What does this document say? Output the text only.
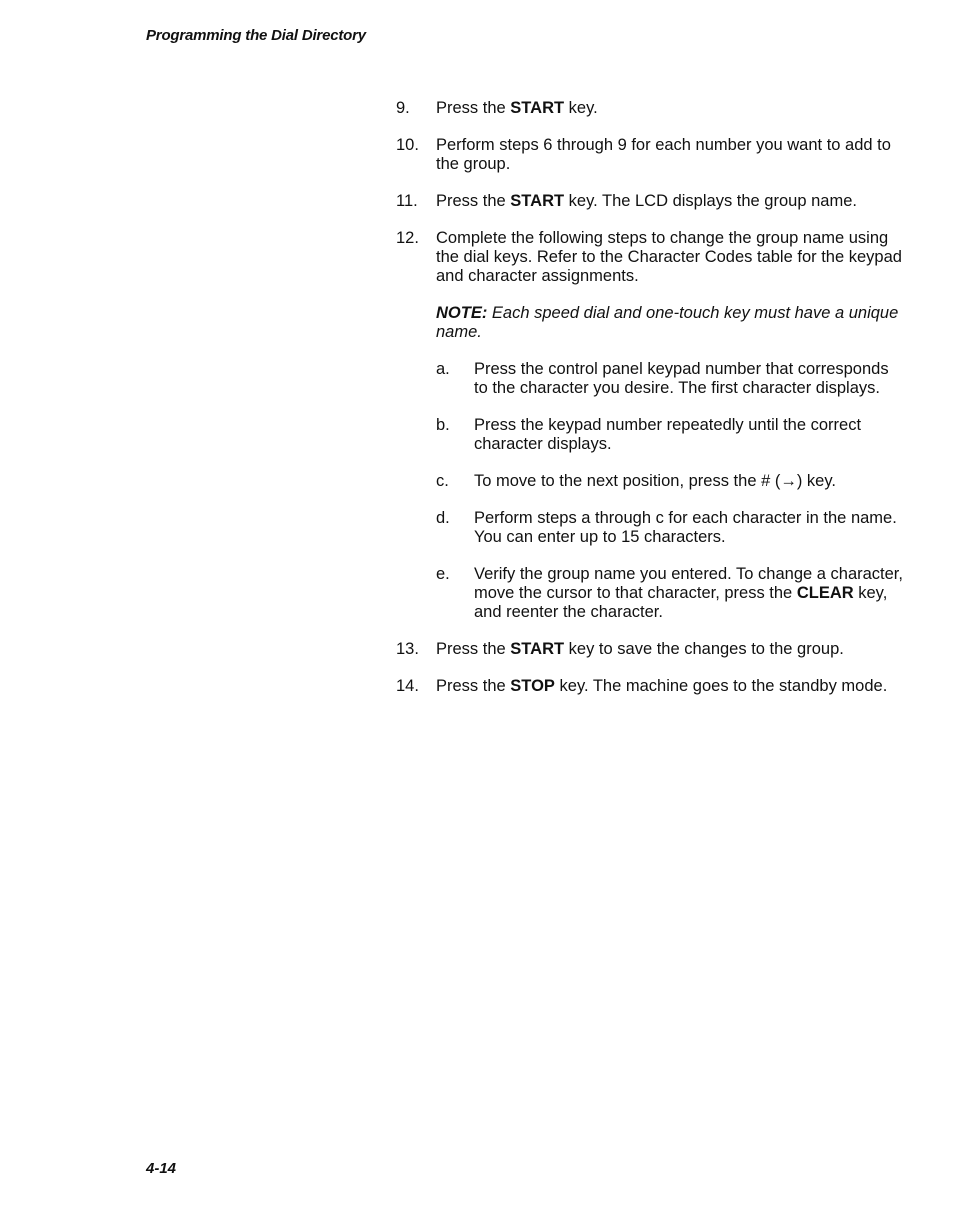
Programming the Dial Directory
9. Press the START key.
10. Perform steps 6 through 9 for each number you want to add to the group.
11. Press the START key. The LCD displays the group name.
12. Complete the following steps to change the group name using the dial keys. Refer to the Character Codes table for the keypad and character assignments.
NOTE: Each speed dial and one-touch key must have a unique name.
a. Press the control panel keypad number that corresponds to the character you desire. The first character displays.
b. Press the keypad number repeatedly until the correct character displays.
c. To move to the next position, press the # (→) key.
d. Perform steps a through c for each character in the name. You can enter up to 15 characters.
e. Verify the group name you entered. To change a character, move the cursor to that character, press the CLEAR key, and reenter the character.
13. Press the START key to save the changes to the group.
14. Press the STOP key. The machine goes to the standby mode.
4-14
